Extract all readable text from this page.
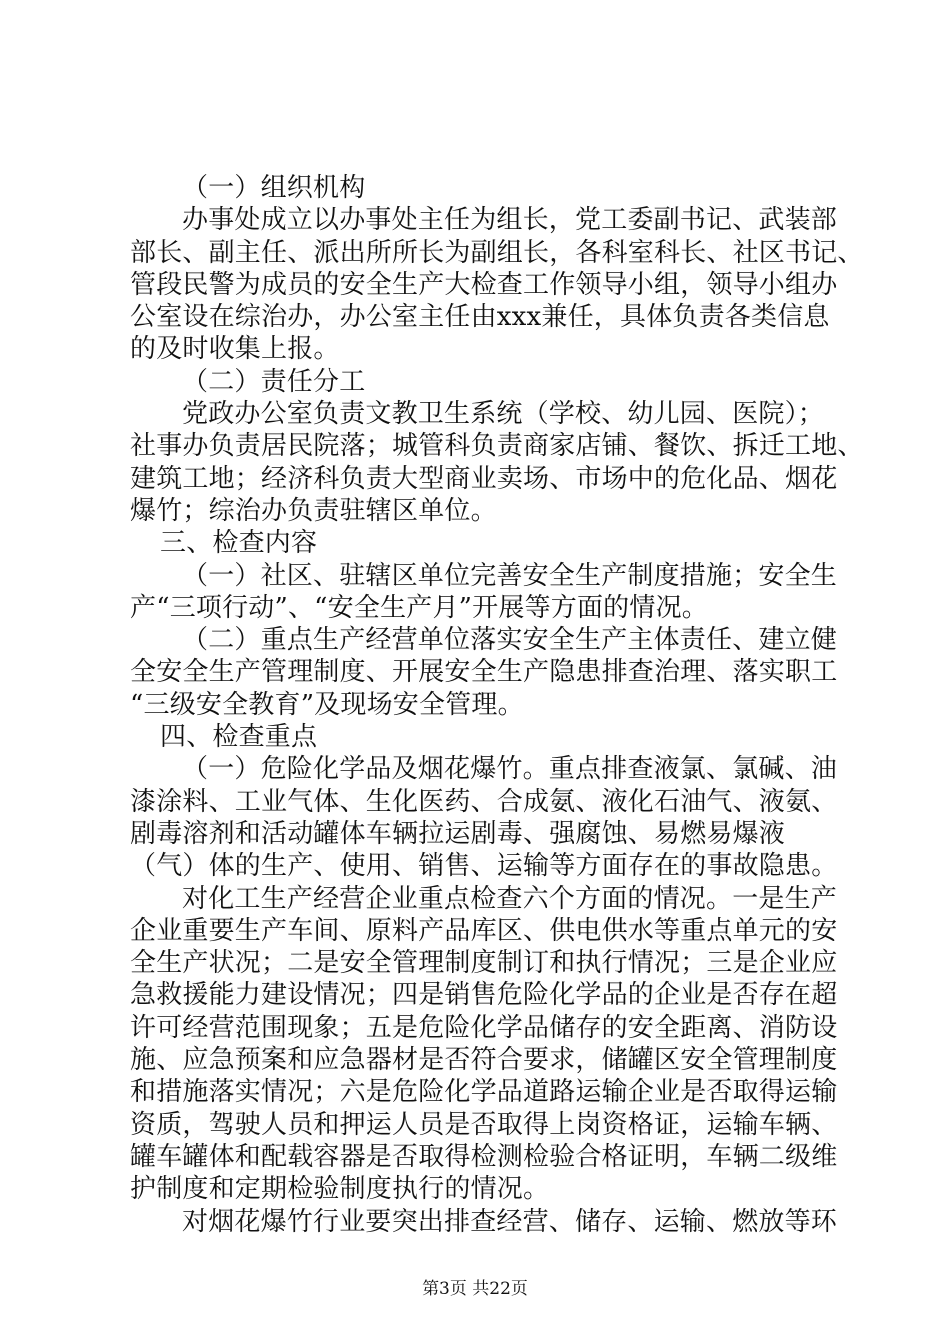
（一）组织机构
办事处成立以办事处主任为组长，党工委副书记、武装部
部长、副主任、派出所所长为副组长，各科室科长、社区书记、
管段民警为成员的安全生产大检查工作领导小组，领导小组办
公室设在综治办，办公室主任由xxx兼任，具体负责各类信息
的及时收集上报。
（二）责任分工
党政办公室负责文教卫生系统（学校、幼儿园、医院）；
社事办负责居民院落；城管科负责商家店铺、餐饮、拆迁工地、
建筑工地；经济科负责大型商业卖场、市场中的危化品、烟花
爆竹；综治办负责驻辖区单位。
三、检查内容
（一）社区、驻辖区单位完善安全生产制度措施；安全生
产“三项行动”、“安全生产月”开展等方面的情况。
（二）重点生产经营单位落实安全生产主体责任、建立健
全安全生产管理制度、开展安全生产隐患排查治理、落实职工
“三级安全教育”及现场安全管理。
四、检查重点
（一）危险化学品及烟花爆竹。重点排查液氯、氯碱、油
漆涂料、工业气体、生化医药、合成氨、液化石油气、液氨、
剧毒溶剂和活动罐体车辆拉运剧毒、强腐蚀、易燃易爆液
（气）体的生产、使用、销售、运输等方面存在的事故隐患。
对化工生产经营企业重点检查六个方面的情况。一是生产
企业重要生产车间、原料产品库区、供电供水等重点单元的安
全生产状况；二是安全管理制度制订和执行情况；三是企业应
急救援能力建设情况；四是销售危险化学品的企业是否存在超
许可经营范围现象；五是危险化学品储存的安全距离、消防设
施、应急预案和应急器材是否符合要求，储罐区安全管理制度
和措施落实情况；六是危险化学品道路运输企业是否取得运输
资质，驾驶人员和押运人员是否取得上岗资格证，运输车辆、
罐车罐体和配载容器是否取得检测检验合格证明，车辆二级维
护制度和定期检验制度执行的情况。
对烟花爆竹行业要突出排查经营、储存、运输、燃放等环
第3页 共22页
